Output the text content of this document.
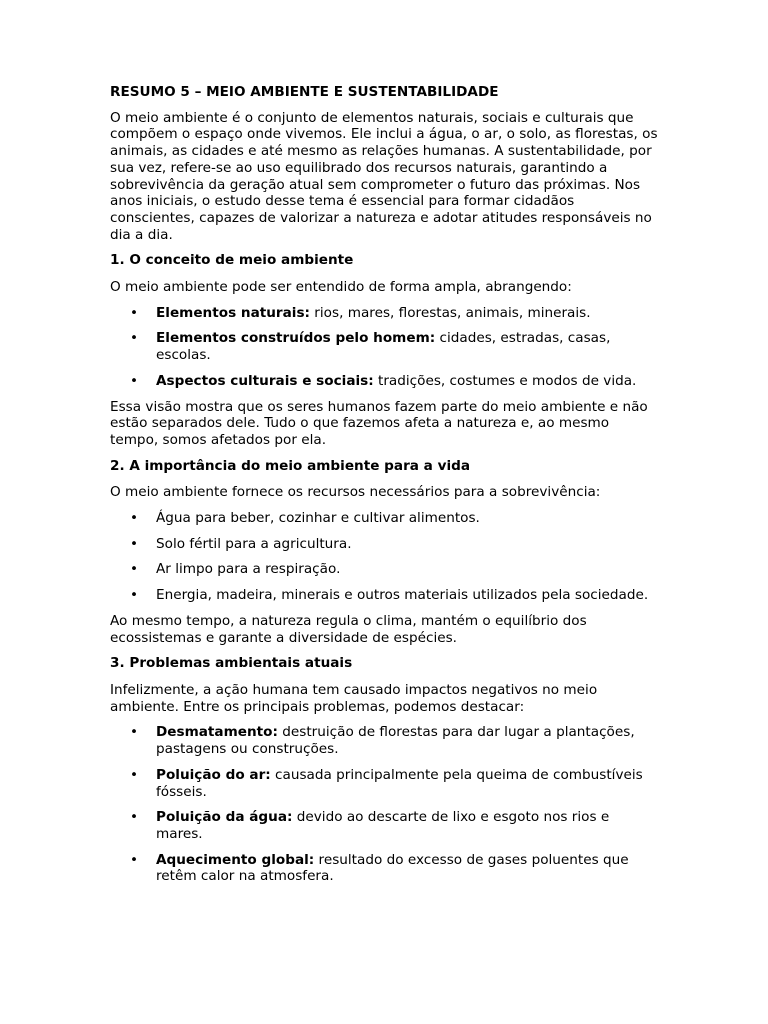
RESUMO 5 – MEIO AMBIENTE E SUSTENTABILIDADE

O meio ambiente é o conjunto de elementos naturais, sociais e culturais que compõem o espaço onde vivemos. Ele inclui a água, o ar, o solo, as florestas, os animais, as cidades e até mesmo as relações humanas. A sustentabilidade, por sua vez, refere-se ao uso equilibrado dos recursos naturais, garantindo a sobrevivência da geração atual sem comprometer o futuro das próximas. Nos anos iniciais, o estudo desse tema é essencial para formar cidadãos conscientes, capazes de valorizar a natureza e adotar atitudes responsáveis no dia a dia.

1. O conceito de meio ambiente

O meio ambiente pode ser entendido de forma ampla, abrangendo:

• Elementos naturais: rios, mares, florestas, animais, minerais.
• Elementos construídos pelo homem: cidades, estradas, casas, escolas.
• Aspectos culturais e sociais: tradições, costumes e modos de vida.

Essa visão mostra que os seres humanos fazem parte do meio ambiente e não estão separados dele. Tudo o que fazemos afeta a natureza e, ao mesmo tempo, somos afetados por ela.

2. A importância do meio ambiente para a vida

O meio ambiente fornece os recursos necessários para a sobrevivência:

• Água para beber, cozinhar e cultivar alimentos.
• Solo fértil para a agricultura.
• Ar limpo para a respiração.
• Energia, madeira, minerais e outros materiais utilizados pela sociedade.

Ao mesmo tempo, a natureza regula o clima, mantém o equilíbrio dos ecossistemas e garante a diversidade de espécies.

3. Problemas ambientais atuais

Infelizmente, a ação humana tem causado impactos negativos no meio ambiente. Entre os principais problemas, podemos destacar:

• Desmatamento: destruição de florestas para dar lugar a plantações, pastagens ou construções.
• Poluição do ar: causada principalmente pela queima de combustíveis fósseis.
• Poluição da água: devido ao descarte de lixo e esgoto nos rios e mares.
• Aquecimento global: resultado do excesso de gases poluentes que retêm calor na atmosfera.
